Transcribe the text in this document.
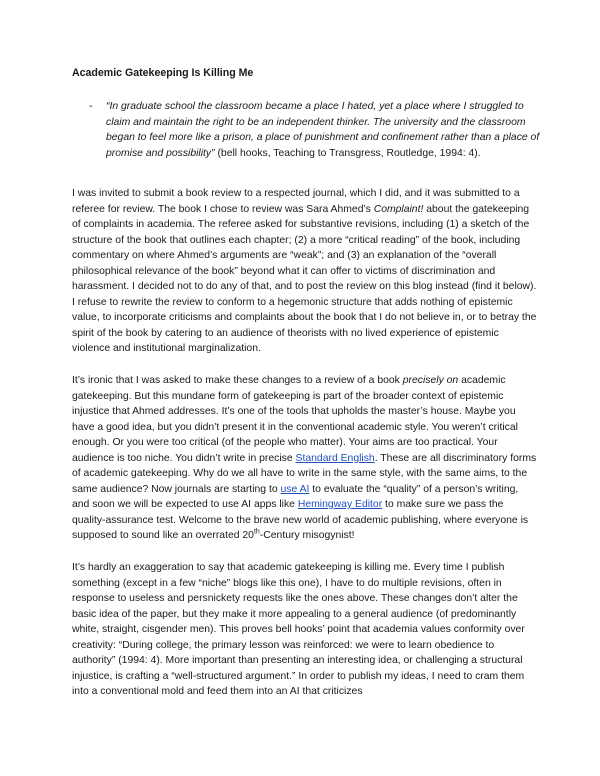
Academic Gatekeeping Is Killing Me

- “In graduate school the classroom became a place I hated, yet a place where I struggled to claim and maintain the right to be an independent thinker. The university and the classroom began to feel more like a prison, a place of punishment and confinement rather than a place of promise and possibility” (bell hooks, Teaching to Transgress, Routledge, 1994: 4).

I was invited to submit a book review to a respected journal, which I did, and it was submitted to a referee for review. The book I chose to review was Sara Ahmed’s Complaint! about the gatekeeping of complaints in academia. The referee asked for substantive revisions, including (1) a sketch of the structure of the book that outlines each chapter; (2) a more “critical reading” of the book, including commentary on where Ahmed’s arguments are “weak”; and (3) an explanation of the “overall philosophical relevance of the book” beyond what it can offer to victims of discrimination and harassment. I decided not to do any of that, and to post the review on this blog instead (find it below). I refuse to rewrite the review to conform to a hegemonic structure that adds nothing of epistemic value, to incorporate criticisms and complaints about the book that I do not believe in, or to betray the spirit of the book by catering to an audience of theorists with no lived experience of epistemic violence and institutional marginalization.

It’s ironic that I was asked to make these changes to a review of a book precisely on academic gatekeeping. But this mundane form of gatekeeping is part of the broader context of epistemic injustice that Ahmed addresses. It’s one of the tools that upholds the master’s house. Maybe you have a good idea, but you didn’t present it in the conventional academic style. You weren’t critical enough. Or you were too critical (of the people who matter). Your aims are too practical. Your audience is too niche. You didn’t write in precise Standard English. These are all discriminatory forms of academic gatekeeping. Why do we all have to write in the same style, with the same aims, to the same audience? Now journals are starting to use AI to evaluate the “quality” of a person’s writing, and soon we will be expected to use AI apps like Hemingway Editor to make sure we pass the quality-assurance test. Welcome to the brave new world of academic publishing, where everyone is supposed to sound like an overrated 20th-Century misogynist!

It’s hardly an exaggeration to say that academic gatekeeping is killing me. Every time I publish something (except in a few “niche” blogs like this one), I have to do multiple revisions, often in response to useless and persnickety requests like the ones above. These changes don’t alter the basic idea of the paper, but they make it more appealing to a general audience (of predominantly white, straight, cisgender men). This proves bell hooks’ point that academia values conformity over creativity: “During college, the primary lesson was reinforced: we were to learn obedience to authority” (1994: 4). More important than presenting an interesting idea, or challenging a structural injustice, is crafting a “well-structured argument.” In order to publish my ideas, I need to cram them into a conventional mold and feed them into an AI that criticizes
